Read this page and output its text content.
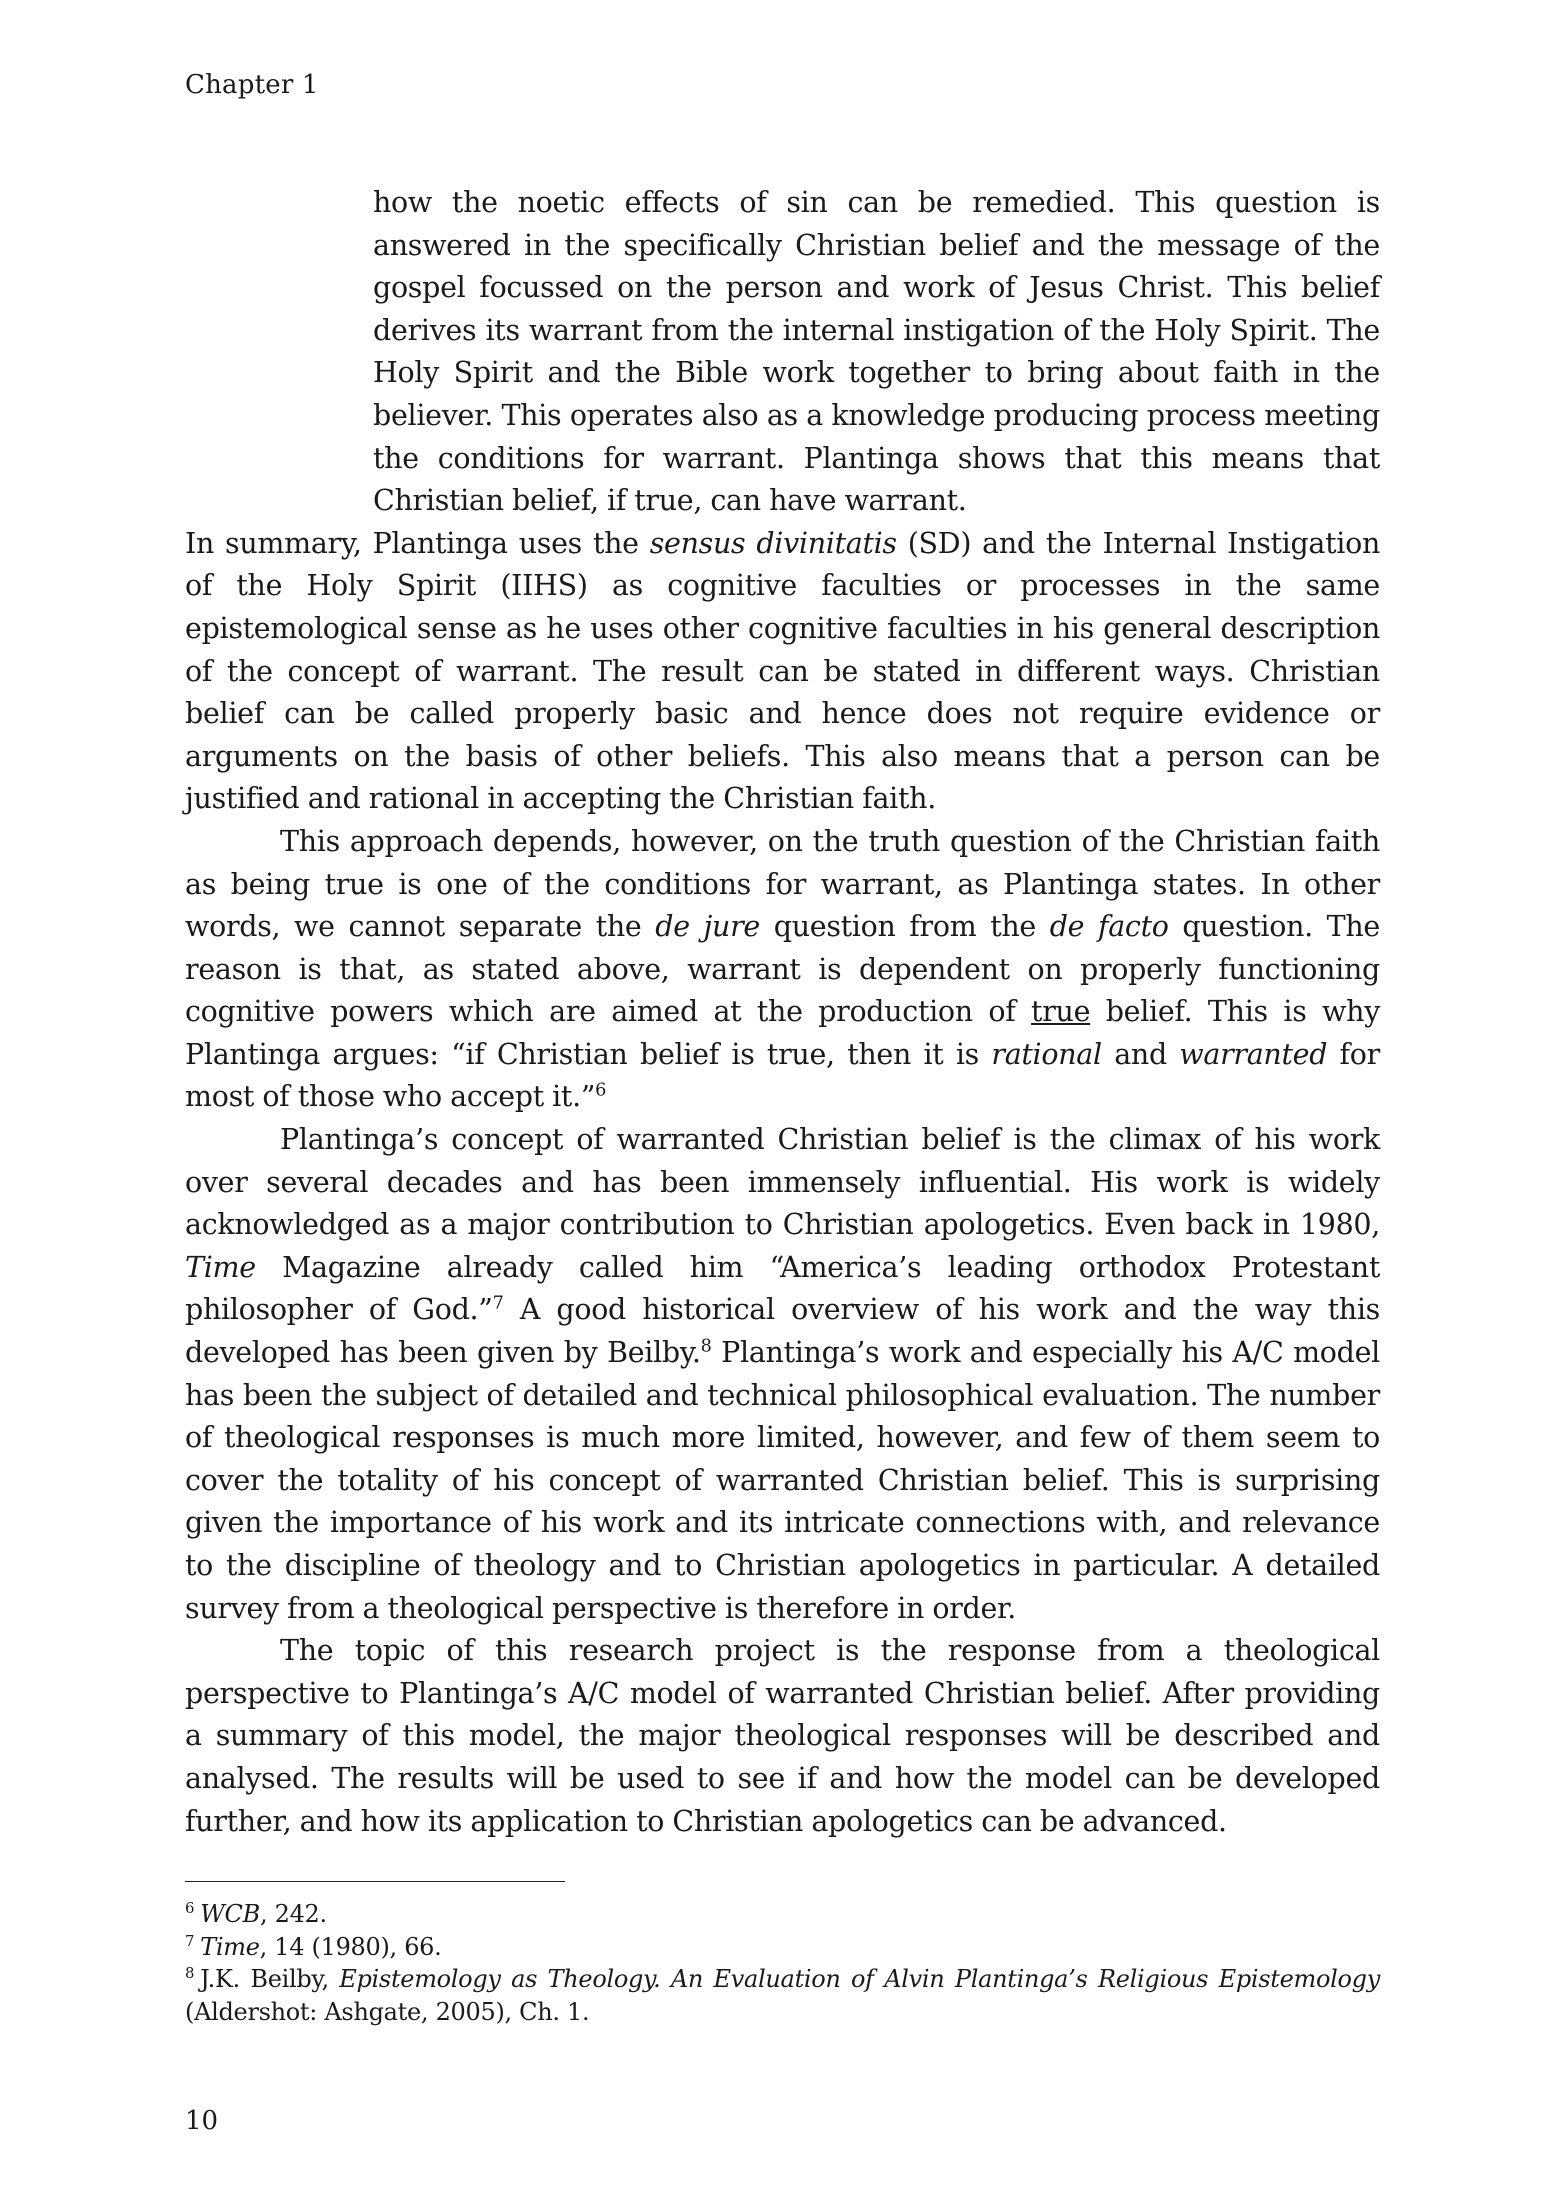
Chapter 1

how the noetic effects of sin can be remedied. This question is answered in the specifically Christian belief and the message of the gospel focussed on the person and work of Jesus Christ. This belief derives its warrant from the internal instigation of the Holy Spirit. The Holy Spirit and the Bible work together to bring about faith in the believer. This operates also as a knowledge producing process meeting the conditions for warrant. Plantinga shows that this means that Christian belief, if true, can have warrant.

In summary, Plantinga uses the sensus divinitatis (SD) and the Internal Instigation of the Holy Spirit (IIHS) as cognitive faculties or processes in the same epistemological sense as he uses other cognitive faculties in his general description of the concept of warrant. The result can be stated in different ways. Christian belief can be called properly basic and hence does not require evidence or arguments on the basis of other beliefs. This also means that a person can be justified and rational in accepting the Christian faith.

This approach depends, however, on the truth question of the Christian faith as being true is one of the conditions for warrant, as Plantinga states. In other words, we cannot separate the de jure question from the de facto question. The reason is that, as stated above, warrant is dependent on properly functioning cognitive powers which are aimed at the production of true belief. This is why Plantinga argues: “if Christian belief is true, then it is rational and warranted for most of those who accept it.”$^6$

Plantinga’s concept of warranted Christian belief is the climax of his work over several decades and has been immensely influential. His work is widely acknowledged as a major contribution to Christian apologetics. Even back in 1980, Time Magazine already called him “America’s leading orthodox Protestant philosopher of God.”$^7$ A good historical overview of his work and the way this developed has been given by Beilby.$^8$ Plantinga’s work and especially his A/C model has been the subject of detailed and technical philosophical evaluation. The number of theological responses is much more limited, however, and few of them seem to cover the totality of his concept of warranted Christian belief. This is surprising given the importance of his work and its intricate connections with, and relevance to the discipline of theology and to Christian apologetics in particular. A detailed survey from a theological perspective is therefore in order.

The topic of this research project is the response from a theological perspective to Plantinga’s A/C model of warranted Christian belief. After providing a summary of this model, the major theological responses will be described and analysed. The results will be used to see if and how the model can be developed further, and how its application to Christian apologetics can be advanced.

$^6$ WCB, 242.

$^7$ Time, 14 (1980), 66.

$^8$ J.K. Beilby, Epistemology as Theology. An Evaluation of Alvin Plantinga’s Religious Epistemology (Aldershot: Ashgate, 2005), Ch. 1.

10
